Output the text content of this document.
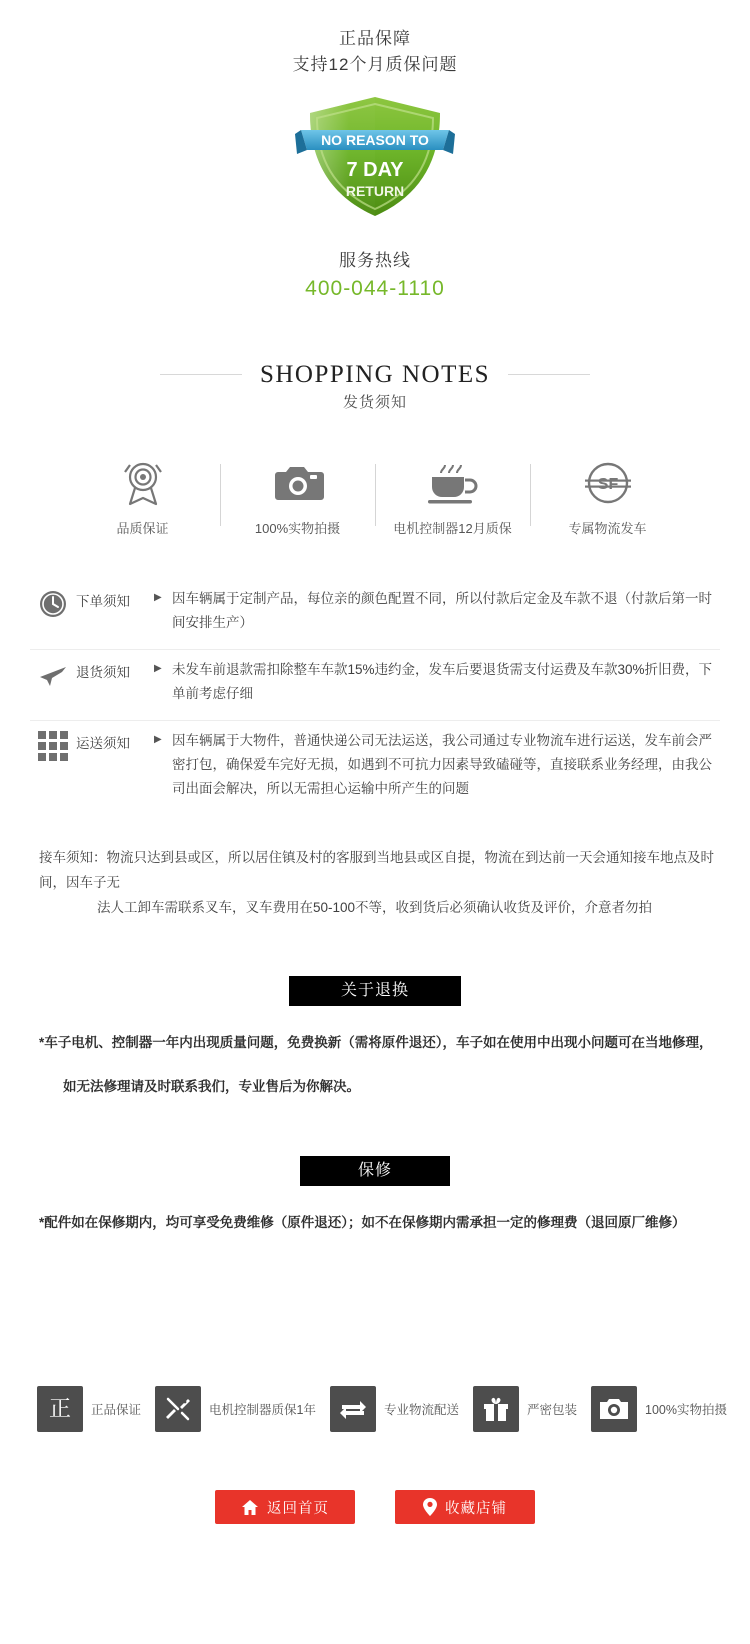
正品保障
支持12个月质保问题
NO REASON TO
7 DAY
RETURN
服务热线
400-044-1110
SHOPPING NOTES
发货须知
品质保证	100%实物拍摄	电机控制器12月质保
SF
专属物流发车
下单须知	▶ 因车辆属于定制产品，每位亲的颜色配置不同，所以付款后定金及车款不退（付款后第一时间安排生产）
退货须知	▶ 未发车前退款需扣除整车车款15%违约金，发车后要退货需支付运费及车款30%折旧费，下单前考虑仔细
运送须知	▶ 因车辆属于大物件，普通快递公司无法运送，我公司通过专业物流车进行运送，发车前会严密打包，确保爱车完好无损，如遇到不可抗力因素导致磕碰等，直接联系业务经理，由我公司出面会解决，所以无需担心运输中所产生的问题
接车须知：物流只达到县或区，所以居住镇及村的客服到当地县或区自提，物流在到达前一天会通知接车地点及时间，因车子无
法人工卸车需联系叉车，叉车费用在50-100不等，收到货后必须确认收货及评价，介意者勿拍
关于退换
*车子电机、控制器一年内出现质量问题，免费换新（需将原件退还），车子如在使用中出现小问题可在当地修理，
如无法修理请及时联系我们，专业售后为你解决。
保修
*配件如在保修期内，均可享受免费维修（原件退还）；如不在保修期内需承担一定的修理费（退回原厂维修）
正 正品保证	电机控制器质保1年	专业物流配送	严密包装	100%实物拍摄
返回首页	收藏店铺
